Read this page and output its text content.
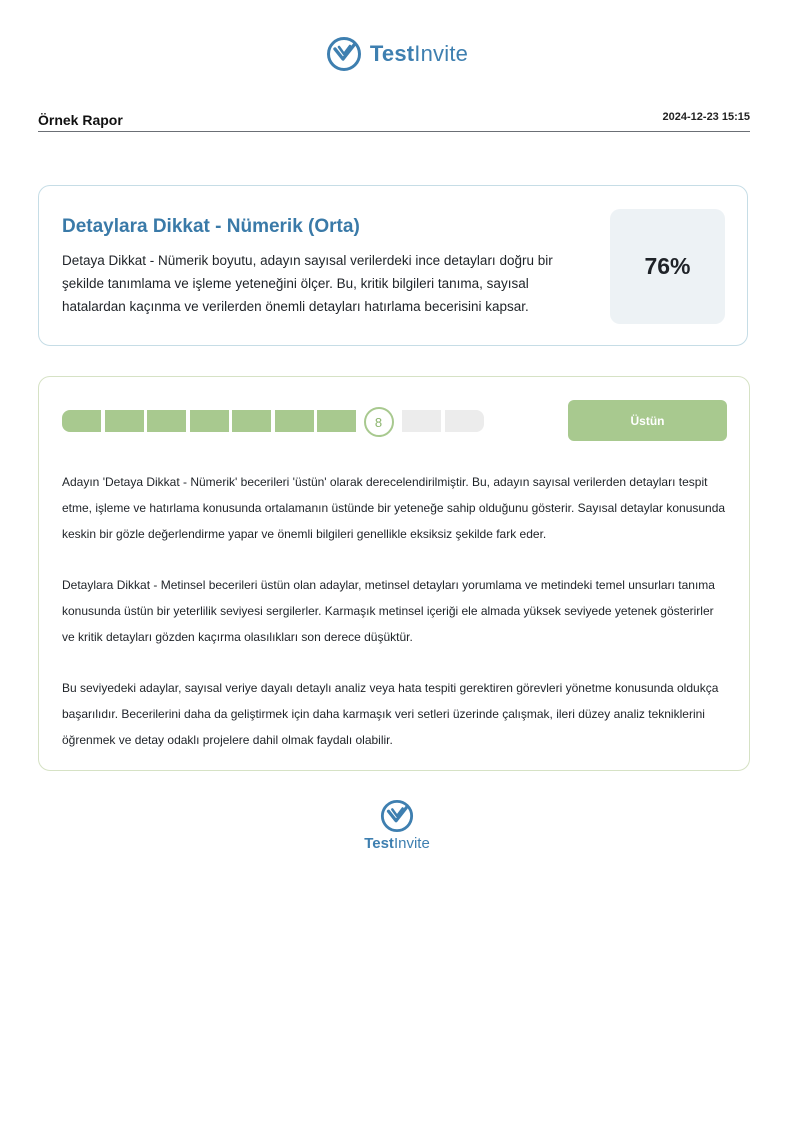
TestInvite
Örnek Rapor	2024-12-23 15:15
Detaylara Dikkat - Nümerik (Orta)
Detaya Dikkat - Nümerik boyutu, adayın sayısal verilerdeki ince detayları doğru bir şekilde tanımlama ve işleme yeteneğini ölçer. Bu, kritik bilgileri tanıma, sayısal hatalardan kaçınma ve verilerden önemli detayları hatırlama becerisini kapsar.
76%
8	Üstün

Adayın 'Detaya Dikkat - Nümerik' becerileri 'üstün' olarak derecelendirilmiştir. Bu, adayın sayısal verilerden detayları tespit etme, işleme ve hatırlama konusunda ortalamanın üstünde bir yeteneğe sahip olduğunu gösterir. Sayısal detaylar konusunda keskin bir gözle değerlendirme yapar ve önemli bilgileri genellikle eksiksiz şekilde fark eder.

Detaylara Dikkat - Metinsel becerileri üstün olan adaylar, metinsel detayları yorumlama ve metindeki temel unsurları tanıma konusunda üstün bir yeterlilik seviyesi sergilerler. Karmaşık metinsel içeriği ele almada yüksek seviyede yetenek gösterirler ve kritik detayları gözden kaçırma olasılıkları son derece düşüktür.

Bu seviyedeki adaylar, sayısal veriye dayalı detaylı analiz veya hata tespiti gerektiren görevleri yönetme konusunda oldukça başarılıdır. Becerilerini daha da geliştirmek için daha karmaşık veri setleri üzerinde çalışmak, ileri düzey analiz tekniklerini öğrenmek ve detay odaklı projelere dahil olmak faydalı olabilir.

TestInvite
